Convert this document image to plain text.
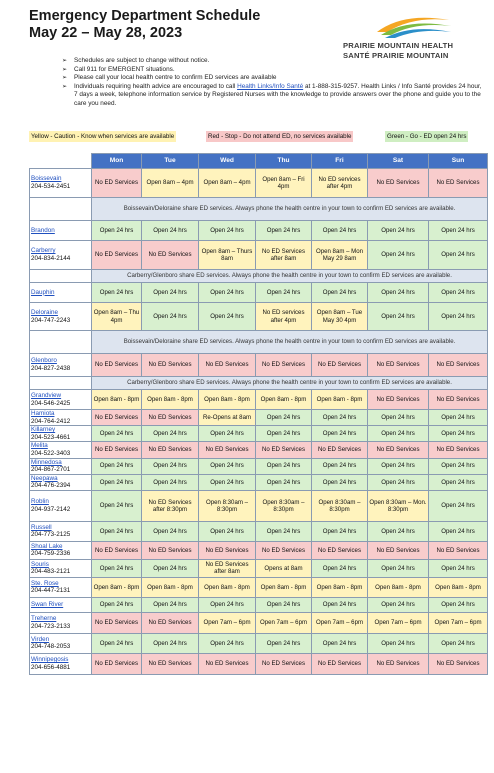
Emergency Department Schedule
May 22 – May 28, 2023
PRAIRIE MOUNTAIN HEALTH
SANTÉ PRAIRIE MOUNTAIN
➢ Schedules are subject to change without notice.
➢ Call 911 for EMERGENT situations.
➢ Please call your local health centre to confirm ED services are available
➢ Individuals requiring health advice are encouraged to call Health Links/Info Santé at 1-888-315-9257. Health Links / Info Santé provides 24 hour, 7 days a week, telephone information service by Registered Nurses with the knowledge to provide answers over the phone and guide you to the care you need.
Yellow - Caution - Know when services are available	Red - Stop - Do not attend ED, no services available	Green - Go - ED open 24 hrs
	Mon	Tue	Wed	Thu	Fri	Sat	Sun

Boissevain
204-534-2451	No ED Services	Open 8am – 4pm	Open 8am – 4pm	Open 8am – Fri 4pm	No ED services after 4pm	No ED Services	No ED Services
	Boissevain/Deloraine share ED services. Always phone the health centre in your town to confirm ED services are available.						

Brandon	Open 24 hrs	Open 24 hrs	Open 24 hrs	Open 24 hrs	Open 24 hrs	Open 24 hrs	Open 24 hrs

Carberry
204-834-2144	No ED Services	No ED Services	Open 8am – Thurs 8am	No ED Services after 8am	Open 8am – Mon May 29 8am	Open 24 hrs	Open 24 hrs
	Carberry/Glenboro share ED services. Always phone the health centre in your town to confirm ED services are available.						

Dauphin	Open 24 hrs	Open 24 hrs	Open 24 hrs	Open 24 hrs	Open 24 hrs	Open 24 hrs	Open 24 hrs

Deloraine
204-747-2243	Open 8am – Thu 4pm	Open 24 hrs	Open 24 hrs	No ED services after 4pm	Open 8am – Tue May 30 4pm	Open 24 hrs	Open 24 hrs
	Boissevain/Deloraine share ED services. Always phone the health centre in your town to confirm ED services are available.						

Glenboro
204-827-2438	No ED Services	No ED Services	No ED Services	No ED Services	No ED Services	No ED Services	No ED Services
	Carberry/Glenboro share ED services. Always phone the health centre in your town to confirm ED services are available.						

Grandview
204-546-2425	Open 8am - 8pm	Open 8am - 8pm	Open 8am - 8pm	Open 8am - 8pm	Open 8am - 8pm	No ED Services	No ED Services

Hamiota
204-764-2412	No ED Services	No ED Services	Re-Opens at 8am	Open 24 hrs	Open 24 hrs	Open 24 hrs	Open 24 hrs

Killarney
204-523-4661	Open 24 hrs	Open 24 hrs	Open 24 hrs	Open 24 hrs	Open 24 hrs	Open 24 hrs	Open 24 hrs

Melita
204-522-3403	No ED Services	No ED Services	No ED Services	No ED Services	No ED Services	No ED Services	No ED Services

Minnedosa
204-867-2701	Open 24 hrs	Open 24 hrs	Open 24 hrs	Open 24 hrs	Open 24 hrs	Open 24 hrs	Open 24 hrs

Neepawa
204-476-2394	Open 24 hrs	Open 24 hrs	Open 24 hrs	Open 24 hrs	Open 24 hrs	Open 24 hrs	Open 24 hrs

Roblin
204-937-2142	Open 24 hrs	No ED Services after 8:30pm	Open 8:30am – 8:30pm	Open 8:30am – 8:30pm	Open 8:30am – 8:30pm	Open 8:30am – Mon. 8:30pm	Open 24 hrs

Russell
204-773-2125	Open 24 hrs	Open 24 hrs	Open 24 hrs	Open 24 hrs	Open 24 hrs	Open 24 hrs	Open 24 hrs

Shoal Lake
204-759-2336	No ED Services	No ED Services	No ED Services	No ED Services	No ED Services	No ED Services	No ED Services

Souris
204-483-2121	Open 24 hrs	Open 24 hrs	No ED Services after 8am	Opens at 8am	Open 24 hrs	Open 24 hrs	Open 24 hrs

Ste. Rose
204-447-2131	Open 8am - 8pm	Open 8am - 8pm	Open 8am - 8pm	Open 8am - 8pm	Open 8am - 8pm	Open 8am - 8pm	Open 8am - 8pm

Swan River	Open 24 hrs	Open 24 hrs	Open 24 hrs	Open 24 hrs	Open 24 hrs	Open 24 hrs	Open 24 hrs

Treherne
204-723-2133	No ED Services	No ED Services	Open 7am – 6pm	Open 7am – 6pm	Open 7am – 6pm	Open 7am – 6pm	Open 7am – 6pm

Virden
204-748-2053	Open 24 hrs	Open 24 hrs	Open 24 hrs	Open 24 hrs	Open 24 hrs	Open 24 hrs	Open 24 hrs

Winnipegosis
204-656-4881	No ED Services	No ED Services	No ED Services	No ED Services	No ED Services	No ED Services	No ED Services
